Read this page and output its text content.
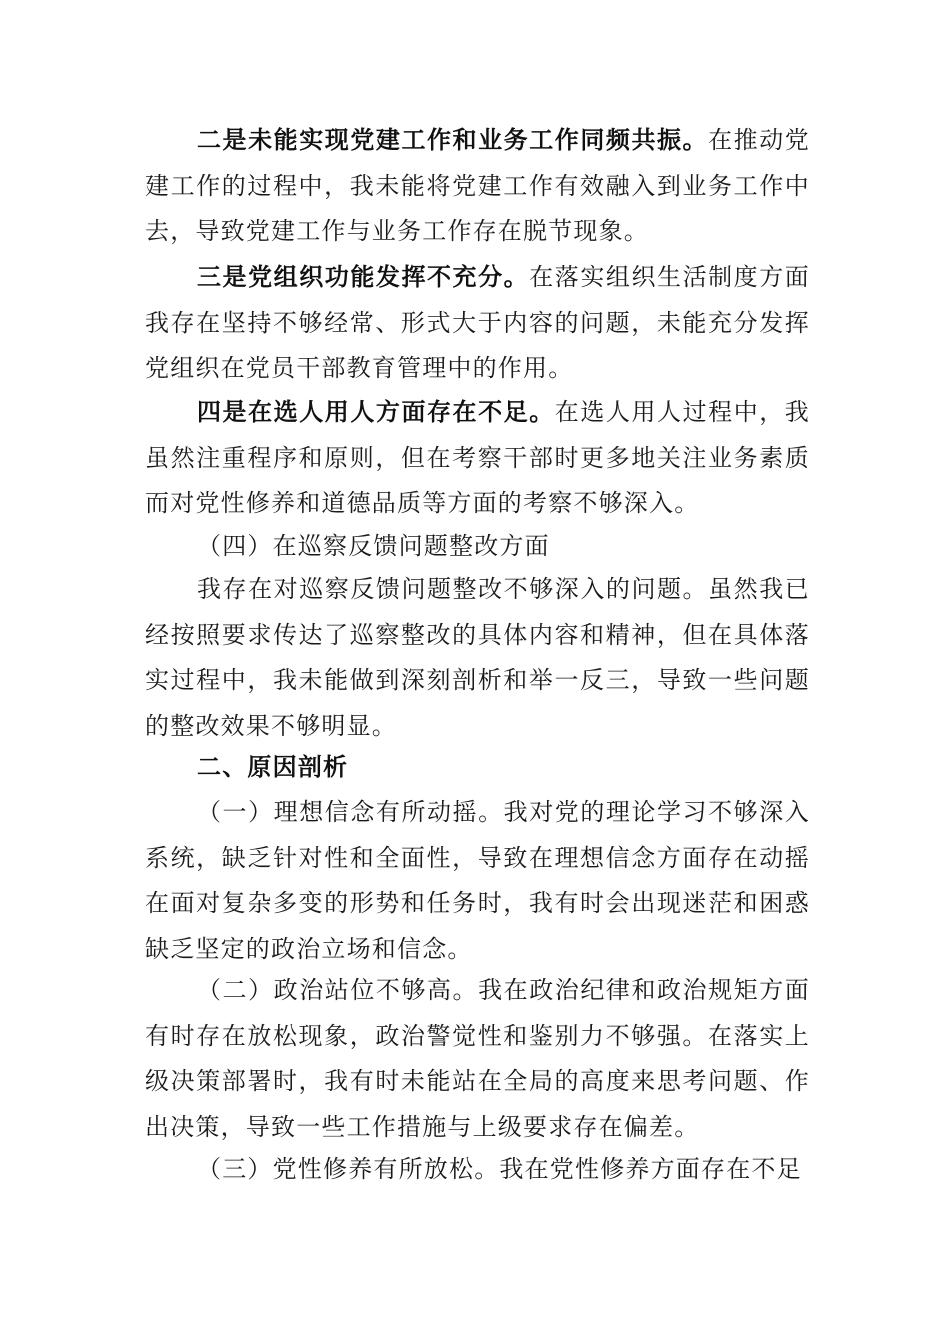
二是未能实现党建工作和业务工作同频共振。在推动党建工作的过程中，我未能将党建工作有效融入到业务工作中去，导致党建工作与业务工作存在脱节现象。

三是党组织功能发挥不充分。在落实组织生活制度方面我存在坚持不够经常、形式大于内容的问题，未能充分发挥党组织在党员干部教育管理中的作用。

四是在选人用人方面存在不足。在选人用人过程中，我虽然注重程序和原则，但在考察干部时更多地关注业务素质而对党性修养和道德品质等方面的考察不够深入。

（四）在巡察反馈问题整改方面

我存在对巡察反馈问题整改不够深入的问题。虽然我已经按照要求传达了巡察整改的具体内容和精神，但在具体落实过程中，我未能做到深刻剖析和举一反三，导致一些问题的整改效果不够明显。

二、原因剖析

（一）理想信念有所动摇。我对党的理论学习不够深入系统，缺乏针对性和全面性，导致在理想信念方面存在动摇在面对复杂多变的形势和任务时，我有时会出现迷茫和困惑缺乏坚定的政治立场和信念。

（二）政治站位不够高。我在政治纪律和政治规矩方面有时存在放松现象，政治警觉性和鉴别力不够强。在落实上级决策部署时，我有时未能站在全局的高度来思考问题、作出决策，导致一些工作措施与上级要求存在偏差。

（三）党性修养有所放松。我在党性修养方面存在不足
